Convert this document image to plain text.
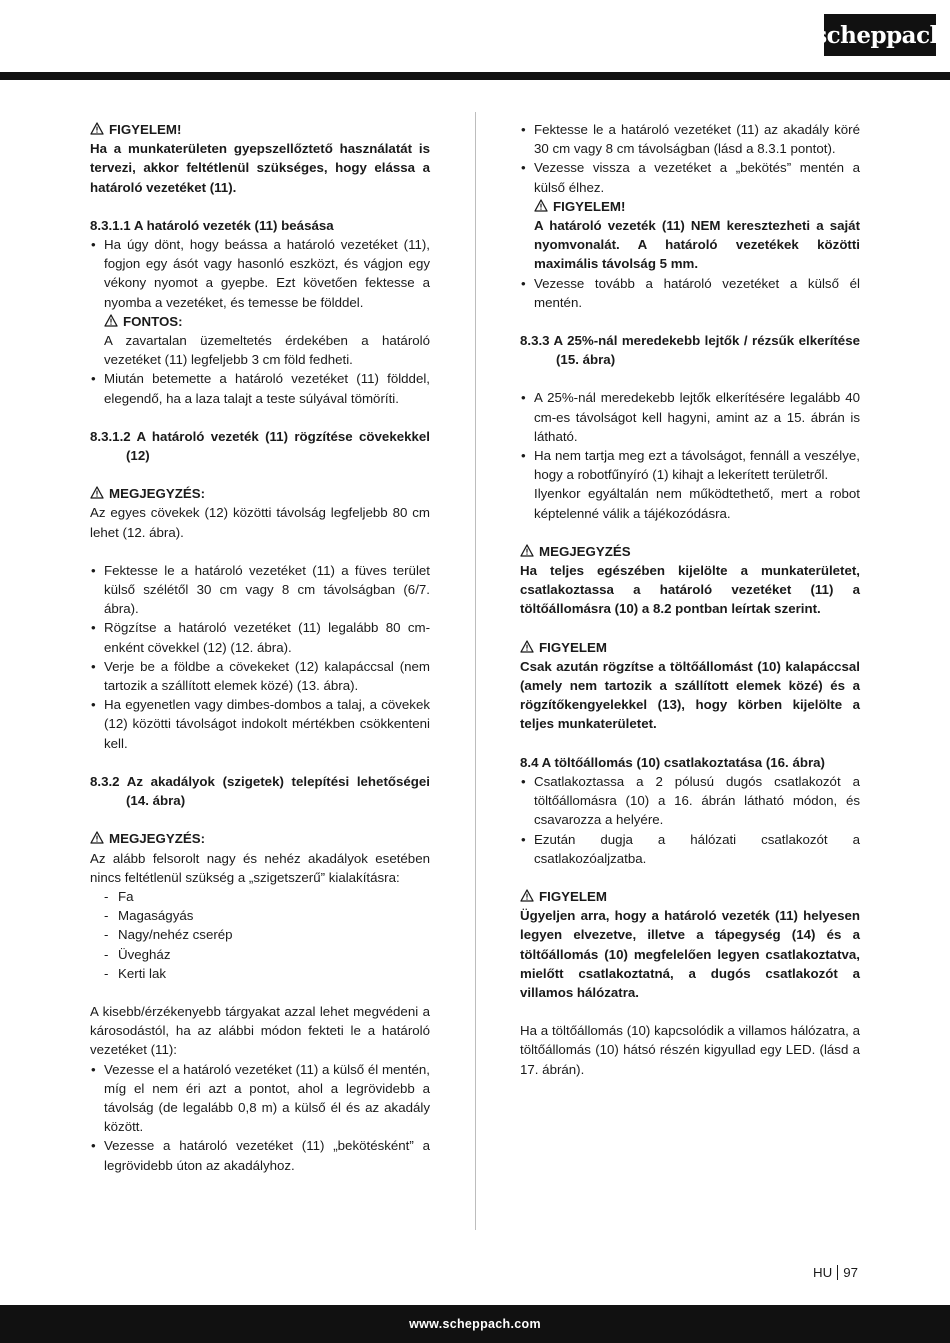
scheppach

FIGYELEM!

Ha a munkaterületen gyepszellőztető használatát is tervezi, akkor feltétlenül szükséges, hogy elássa a határoló vezetéket (11).

8.3.1.1 A határoló vezeték (11) beásása

• Ha úgy dönt, hogy beássa a határoló vezetéket (11), fogjon egy ásót vagy hasonló eszközt, és vágjon egy vékony nyomot a gyepbe. Ezt követően fektesse a nyomba a vezetéket, és temesse be földdel.

FONTOS:

A zavartalan üzemeltetés érdekében a határoló vezetéket (11) legfeljebb 3 cm föld fedheti.

• Miután betemette a határoló vezetéket (11) földdel, elegendő, ha a laza talajt a teste súlyával tömöríti.

8.3.1.2 A határoló vezeték (11) rögzítése cövekekkel (12)

MEGJEGYZÉS:

Az egyes cövekek (12) közötti távolság legfeljebb 80 cm lehet (12. ábra).

• Fektesse le a határoló vezetéket (11) a füves terület külső szélétől 30 cm vagy 8 cm távolságban (6/7. ábra).

• Rögzítse a határoló vezetéket (11) legalább 80 cm-enként cövekkel (12) (12. ábra).

• Verje be a földbe a cövekeket (12) kalapáccsal (nem tartozik a szállított elemek közé) (13. ábra).

• Ha egyenetlen vagy dimbes-dombos a talaj, a cövekek (12) közötti távolságot indokolt mértékben csökkenteni kell.

8.3.2 Az akadályok (szigetek) telepítési lehetőségei (14. ábra)

MEGJEGYZÉS:

Az alább felsorolt nagy és nehéz akadályok esetében nincs feltétlenül szükség a „szigetszerű” kialakításra:

- Fa

- Magaságyás

- Nagy/nehéz cserép

- Üvegház

- Kerti lak

A kisebb/érzékenyebb tárgyakat azzal lehet megvédeni a károsodástól, ha az alábbi módon fekteti le a határoló vezetéket (11):

• Vezesse el a határoló vezetéket (11) a külső él mentén, míg el nem éri azt a pontot, ahol a legrövidebb a távolság (de legalább 0,8 m) a külső él és az akadály között.

• Vezesse a határoló vezetéket (11) „bekötésként” a legrövidebb úton az akadályhoz.

• Fektesse le a határoló vezetéket (11) az akadály köré 30 cm vagy 8 cm távolságban (lásd a 8.3.1 pontot).

• Vezesse vissza a vezetéket a „bekötés” mentén a külső élhez.

FIGYELEM!

A határoló vezeték (11) NEM keresztezheti a saját nyomvonalát. A határoló vezetékek közötti maximális távolság 5 mm.

• Vezesse tovább a határoló vezetéket a külső él mentén.

8.3.3 A 25%-nál meredekebb lejtők / rézsűk elkerítése (15. ábra)

• A 25%-nál meredekebb lejtők elkerítésére legalább 40 cm-es távolságot kell hagyni, amint az a 15. ábrán is látható.

• Ha nem tartja meg ezt a távolságot, fennáll a veszélye, hogy a robotfűnyíró (1) kihajt a lekerített területről.

Ilyenkor egyáltalán nem működtethető, mert a robot képtelenné válik a tájékozódásra.

MEGJEGYZÉS

Ha teljes egészében kijelölte a munkaterületet, csatlakoztassa a határoló vezetéket (11) a töltőállomásra (10) a 8.2 pontban leírtak szerint.

FIGYELEM

Csak azután rögzítse a töltőállomást (10) kalapáccsal (amely nem tartozik a szállított elemek közé) és a rögzítőkengyelekkel (13), hogy körben kijelölte a teljes munkaterületet.

8.4 A töltőállomás (10) csatlakoztatása (16. ábra)

• Csatlakoztassa a 2 pólusú dugós csatlakozót a töltőállomásra (10) a 16. ábrán látható módon, és csavarozza a helyére.

• Ezután dugja a hálózati csatlakozót a csatlakozóaljzatba.

FIGYELEM

Ügyeljen arra, hogy a határoló vezeték (11) helyesen legyen elvezetve, illetve a tápegység (14) és a töltőállomás (10) megfelelően legyen csatlakoztatva, mielőtt csatlakoztatná, a dugós csatlakozót a villamos hálózatra.

Ha a töltőállomás (10) kapcsolódik a villamos hálózatra, a töltőállomás (10) hátsó részén kigyullad egy LED. (lásd a 17. ábrán).

HU 97
www.scheppach.com
